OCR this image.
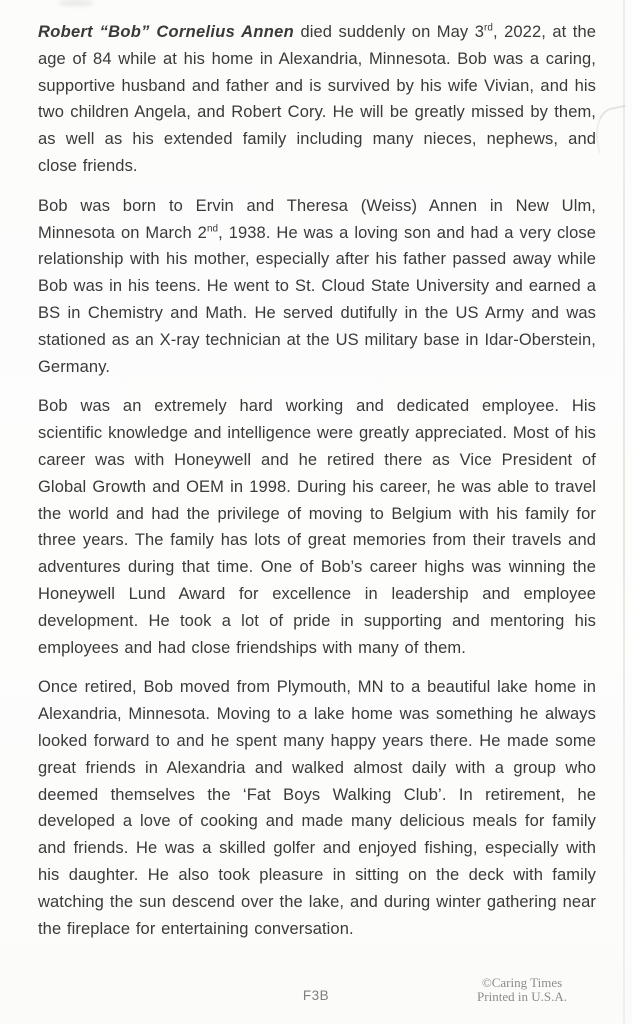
Robert “Bob” Cornelius Annen died suddenly on May 3rd, 2022, at the age of 84 while at his home in Alexandria, Minnesota. Bob was a caring, supportive husband and father and is survived by his wife Vivian, and his two children Angela, and Robert Cory. He will be greatly missed by them, as well as his extended family including many nieces, nephews, and close friends.

Bob was born to Ervin and Theresa (Weiss) Annen in New Ulm, Minnesota on March 2nd, 1938. He was a loving son and had a very close relationship with his mother, especially after his father passed away while Bob was in his teens. He went to St. Cloud State University and earned a BS in Chemistry and Math. He served dutifully in the US Army and was stationed as an X-ray technician at the US military base in Idar-Oberstein, Germany.

Bob was an extremely hard working and dedicated employee. His scientific knowledge and intelligence were greatly appreciated. Most of his career was with Honeywell and he retired there as Vice President of Global Growth and OEM in 1998. During his career, he was able to travel the world and had the privilege of moving to Belgium with his family for three years. The family has lots of great memories from their travels and adventures during that time. One of Bob’s career highs was winning the Honeywell Lund Award for excellence in leadership and employee development. He took a lot of pride in supporting and mentoring his employees and had close friendships with many of them.

Once retired, Bob moved from Plymouth, MN to a beautiful lake home in Alexandria, Minnesota. Moving to a lake home was something he always looked forward to and he spent many happy years there. He made some great friends in Alexandria and walked almost daily with a group who deemed themselves the ‘Fat Boys Walking Club’. In retirement, he developed a love of cooking and made many delicious meals for family and friends. He was a skilled golfer and enjoyed fishing, especially with his daughter. He also took pleasure in sitting on the deck with family watching the sun descend over the lake, and during winter gathering near the fireplace for entertaining conversation.

F3B
©Caring Times
Printed in U.S.A.
